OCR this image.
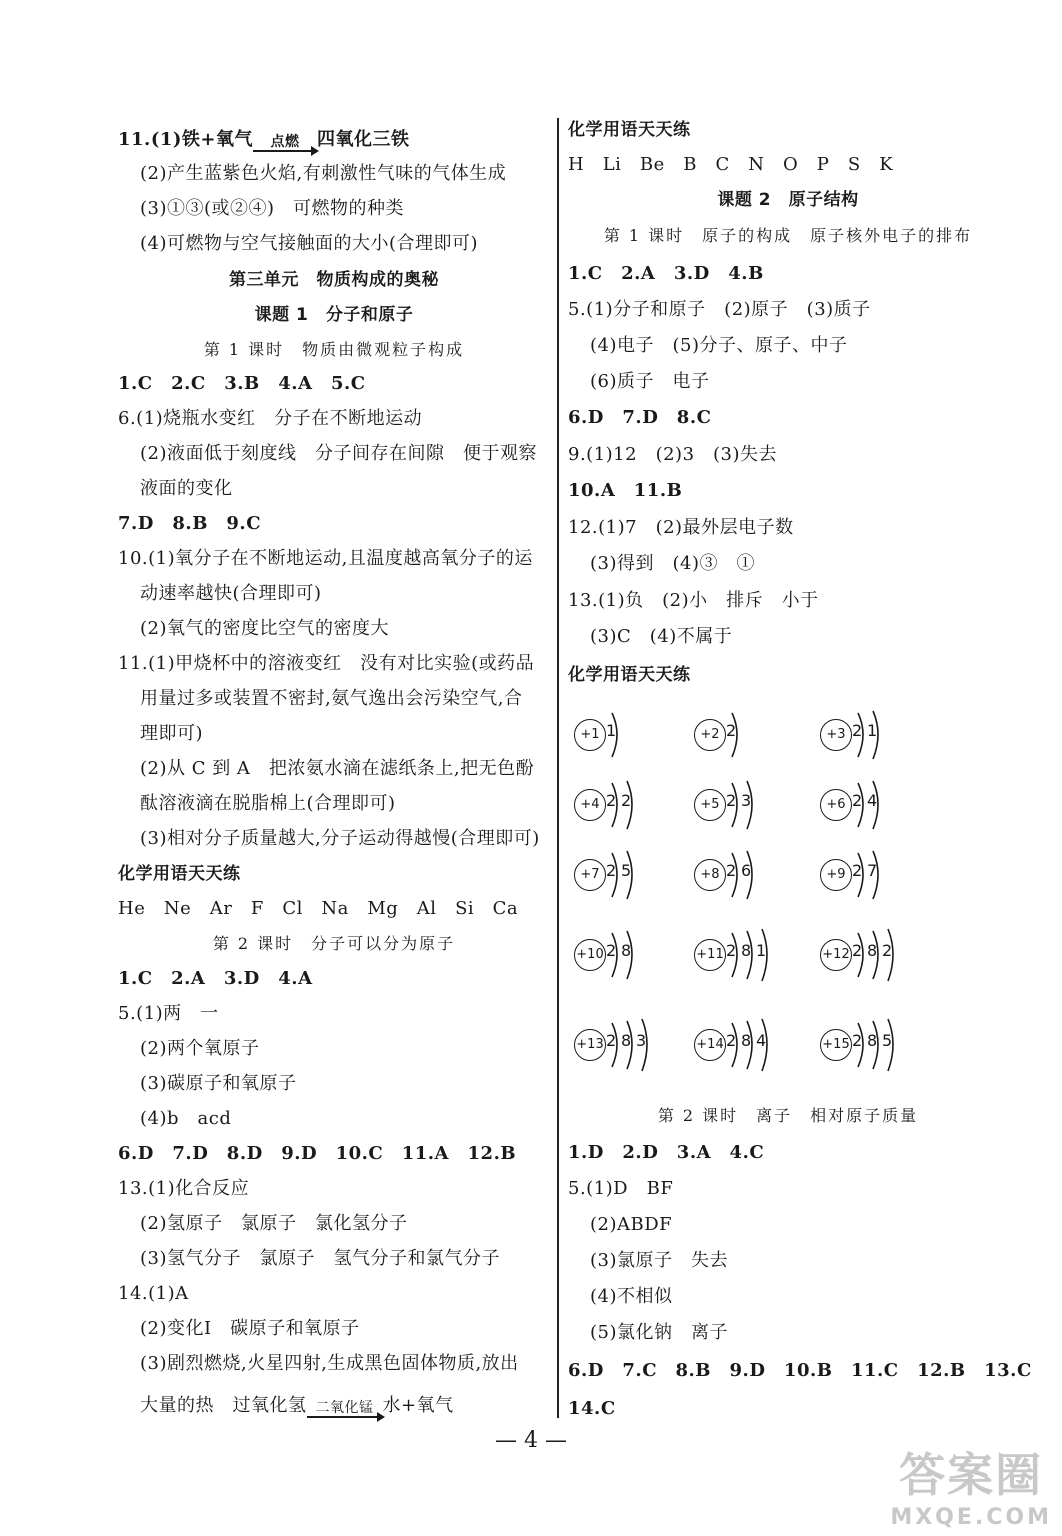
11.(1)铁+氧气	点燃 四氧化三铁
(2)产生蓝紫色火焰,有刺激性气味的气体生成
(3)①③(或②④)　可燃物的种类
(4)可燃物与空气接触面的大小(合理即可)
第三单元　物质构成的奥秘
课题 1　分子和原子
第 1 课时　物质由微观粒子构成
1.C　2.C　3.B　4.A　5.C
6.(1)烧瓶水变红　分子在不断地运动
(2)液面低于刻度线　分子间存在间隙　便于观察
液面的变化
7.D　8.B　9.C
10.(1)氧分子在不断地运动,且温度越高氧分子的运
动速率越快(合理即可)
(2)氧气的密度比空气的密度大
11.(1)甲烧杯中的溶液变红　没有对比实验(或药品
用量过多或装置不密封,氨气逸出会污染空气,合
理即可)
(2)从 C 到 A　把浓氨水滴在滤纸条上,把无色酚
酞溶液滴在脱脂棉上(合理即可)
(3)相对分子质量越大,分子运动得越慢(合理即可)
化学用语天天练
He　Ne　Ar　F　Cl　Na　Mg　Al　Si　Ca
第 2 课时　分子可以分为原子
1.C　2.A　3.D　4.A
5.(1)两　一
(2)两个氧原子
(3)碳原子和氧原子
(4)b　acd
6.D　7.D　8.D　9.D　10.C　11.A　12.B
13.(1)化合反应
(2)氢原子　氯原子　氯化氢分子
(3)氢气分子　氯原子　氢气分子和氯气分子
14.(1)A
(2)变化Ⅰ　碳原子和氧原子
(3)剧烈燃烧,火星四射,生成黑色固体物质,放出
大量的热　过氧化氢 二氧化锰 水+氧气
化学用语天天练
H　Li　Be　B　C　N　O　P　S　K
课题 2　原子结构
第 1 课时　原子的构成　原子核外电子的排布
1.C　2.A　3.D　4.B
5.(1)分子和原子　(2)原子　(3)质子
(4)电子　(5)分子、原子、中子
(6)质子　电子
6.D　7.D　8.C
9.(1)12　(2)3　(3)失去
10.A　11.B
12.(1)7　(2)最外层电子数
(3)得到　(4)③　①
13.(1)负　(2)小　排斥　小于
(3)C　(4)不属于
化学用语天天练
+1 1	+2 2	+3 2 1
+4 2 2	+5 2 3	+6 2 4
+7 2 5	+8 2 6	+9 2 7
+10 2 8	+11 2 8 1	+12 2 8 2
+13 2 8 3	+14 2 8 4	+15 2 8 5
第 2 课时　离子　相对原子质量
1.D　2.D　3.A　4.C
5.(1)D　BF
(2)ABDF
(3)氯原子　失去
(4)不相似
(5)氯化钠　离子
6.D　7.C　8.B　9.D　10.B　11.C　12.B　13.C
14.C
— 4 —
答案圈
MXQE.COM
